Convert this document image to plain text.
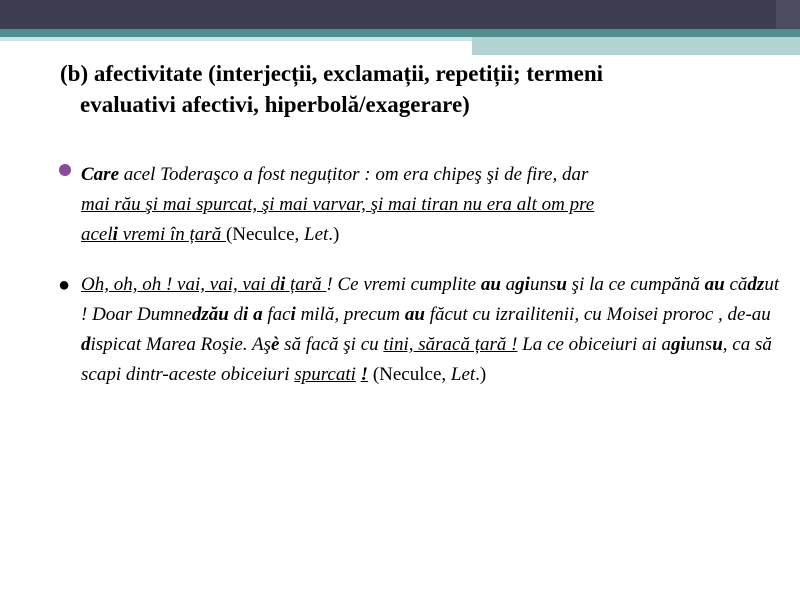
(b) afectivitate (interjecții, exclamații, repetiții; termeni
evaluativi afectivi, hiperbolă/exagerare)
Care acel Toderaşco a fost neguțitor : om era chipeş şi de fire, dar
mai rău şi mai spurcat, şi mai varvar, şi mai tiran nu era alt om pre
aceli vremi în țară (Neculce, Let.)
● Oh, oh, oh ! vai, vai, vai di țară ! Ce vremi cumplite au agiunsu şi la ce cumpănă au cădzut ! Doar Dumnedzău di a faci milă, precum au făcut cu izrailitenii, cu Moisei proroc , de-au dispicat Marea Roşie. Aşè să facă şi cu tini, săracă țară ! La ce obiceiuri ai agiunsu, ca să scapi dintr-aceste obiceiuri spurcati ! (Neculce, Let.)
